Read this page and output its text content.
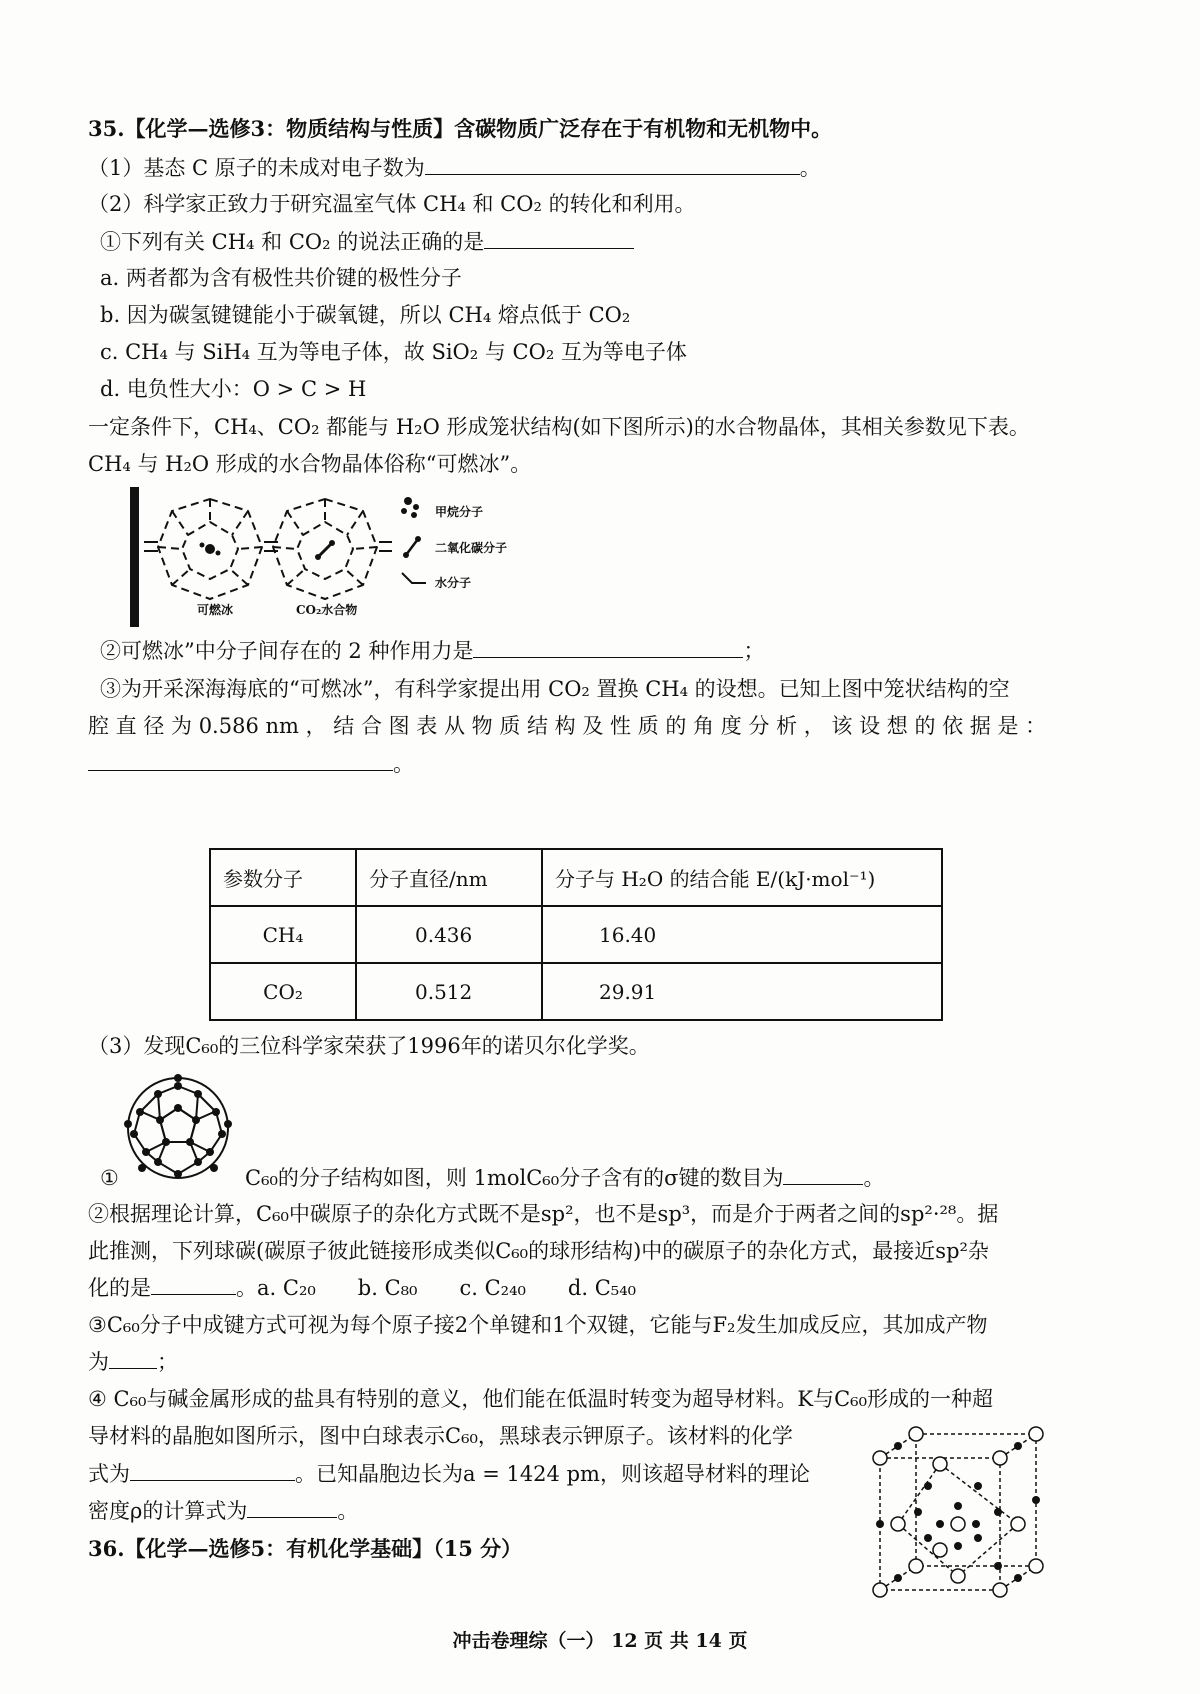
35.【化学—选修3：物质结构与性质】含碳物质广泛存在于有机物和无机物中。
（1）基态 C 原子的未成对电子数为	。
（2）科学家正致力于研究温室气体 CH₄ 和 CO₂ 的转化和利用。
①下列有关 CH₄ 和 CO₂ 的说法正确的是
a. 两者都为含有极性共价键的极性分子
b. 因为碳氢键键能小于碳氧键，所以 CH₄ 熔点低于 CO₂
c. CH₄ 与 SiH₄ 互为等电子体，故 SiO₂ 与 CO₂ 互为等电子体
d. 电负性大小：O > C > H
一定条件下，CH₄、CO₂ 都能与 H₂O 形成笼状结构(如下图所示)的水合物晶体，其相关参数见下表。
CH₄ 与 H₂O 形成的水合物晶体俗称“可燃冰”。
可燃冰	CO₂水合物
甲烷分子
二氧化碳分子
水分子
②可燃冰”中分子间存在的 2 种作用力是	；
③为开采深海海底的“可燃冰”，有科学家提出用 CO₂ 置换 CH₄ 的设想。已知上图中笼状结构的空
腔 直 径 为 0.586 nm ， 结 合 图 表 从 物 质 结 构 及 性 质 的 角 度 分 析 ， 该 设 想 的 依 据 是 ：
。
参数分子	分子直径/nm	分子与 H₂O 的结合能 E/(kJ·mol⁻¹)
CH₄	0.436	16.40
CO₂	0.512	29.91
（3）发现C₆₀的三位科学家荣获了1996年的诺贝尔化学奖。
①	C₆₀的分子结构如图，则 1molC₆₀分子含有的σ键的数目为	。
②根据理论计算，C₆₀中碳原子的杂化方式既不是sp²，也不是sp³，而是介于两者之间的sp²·²⁸。据
此推测，下列球碳(碳原子彼此链接形成类似C₆₀的球形结构)中的碳原子的杂化方式，最接近sp²杂
化的是	。a. C₂₀　　b. C₈₀　　c. C₂₄₀　　d. C₅₄₀
③C₆₀分子中成键方式可视为每个原子接2个单键和1个双键，它能与F₂发生加成反应，其加成产物
为 ；
④ C₆₀与碱金属形成的盐具有特别的意义，他们能在低温时转变为超导材料。K与C₆₀形成的一种超
导材料的晶胞如图所示，图中白球表示C₆₀，黑球表示钾原子。该材料的化学
式为	。已知晶胞边长为a = 1424 pm，则该超导材料的理论
密度ρ的计算式为	。
36.【化学—选修5：有机化学基础】（15 分）
冲击卷理综（一） 12 页 共 14 页
